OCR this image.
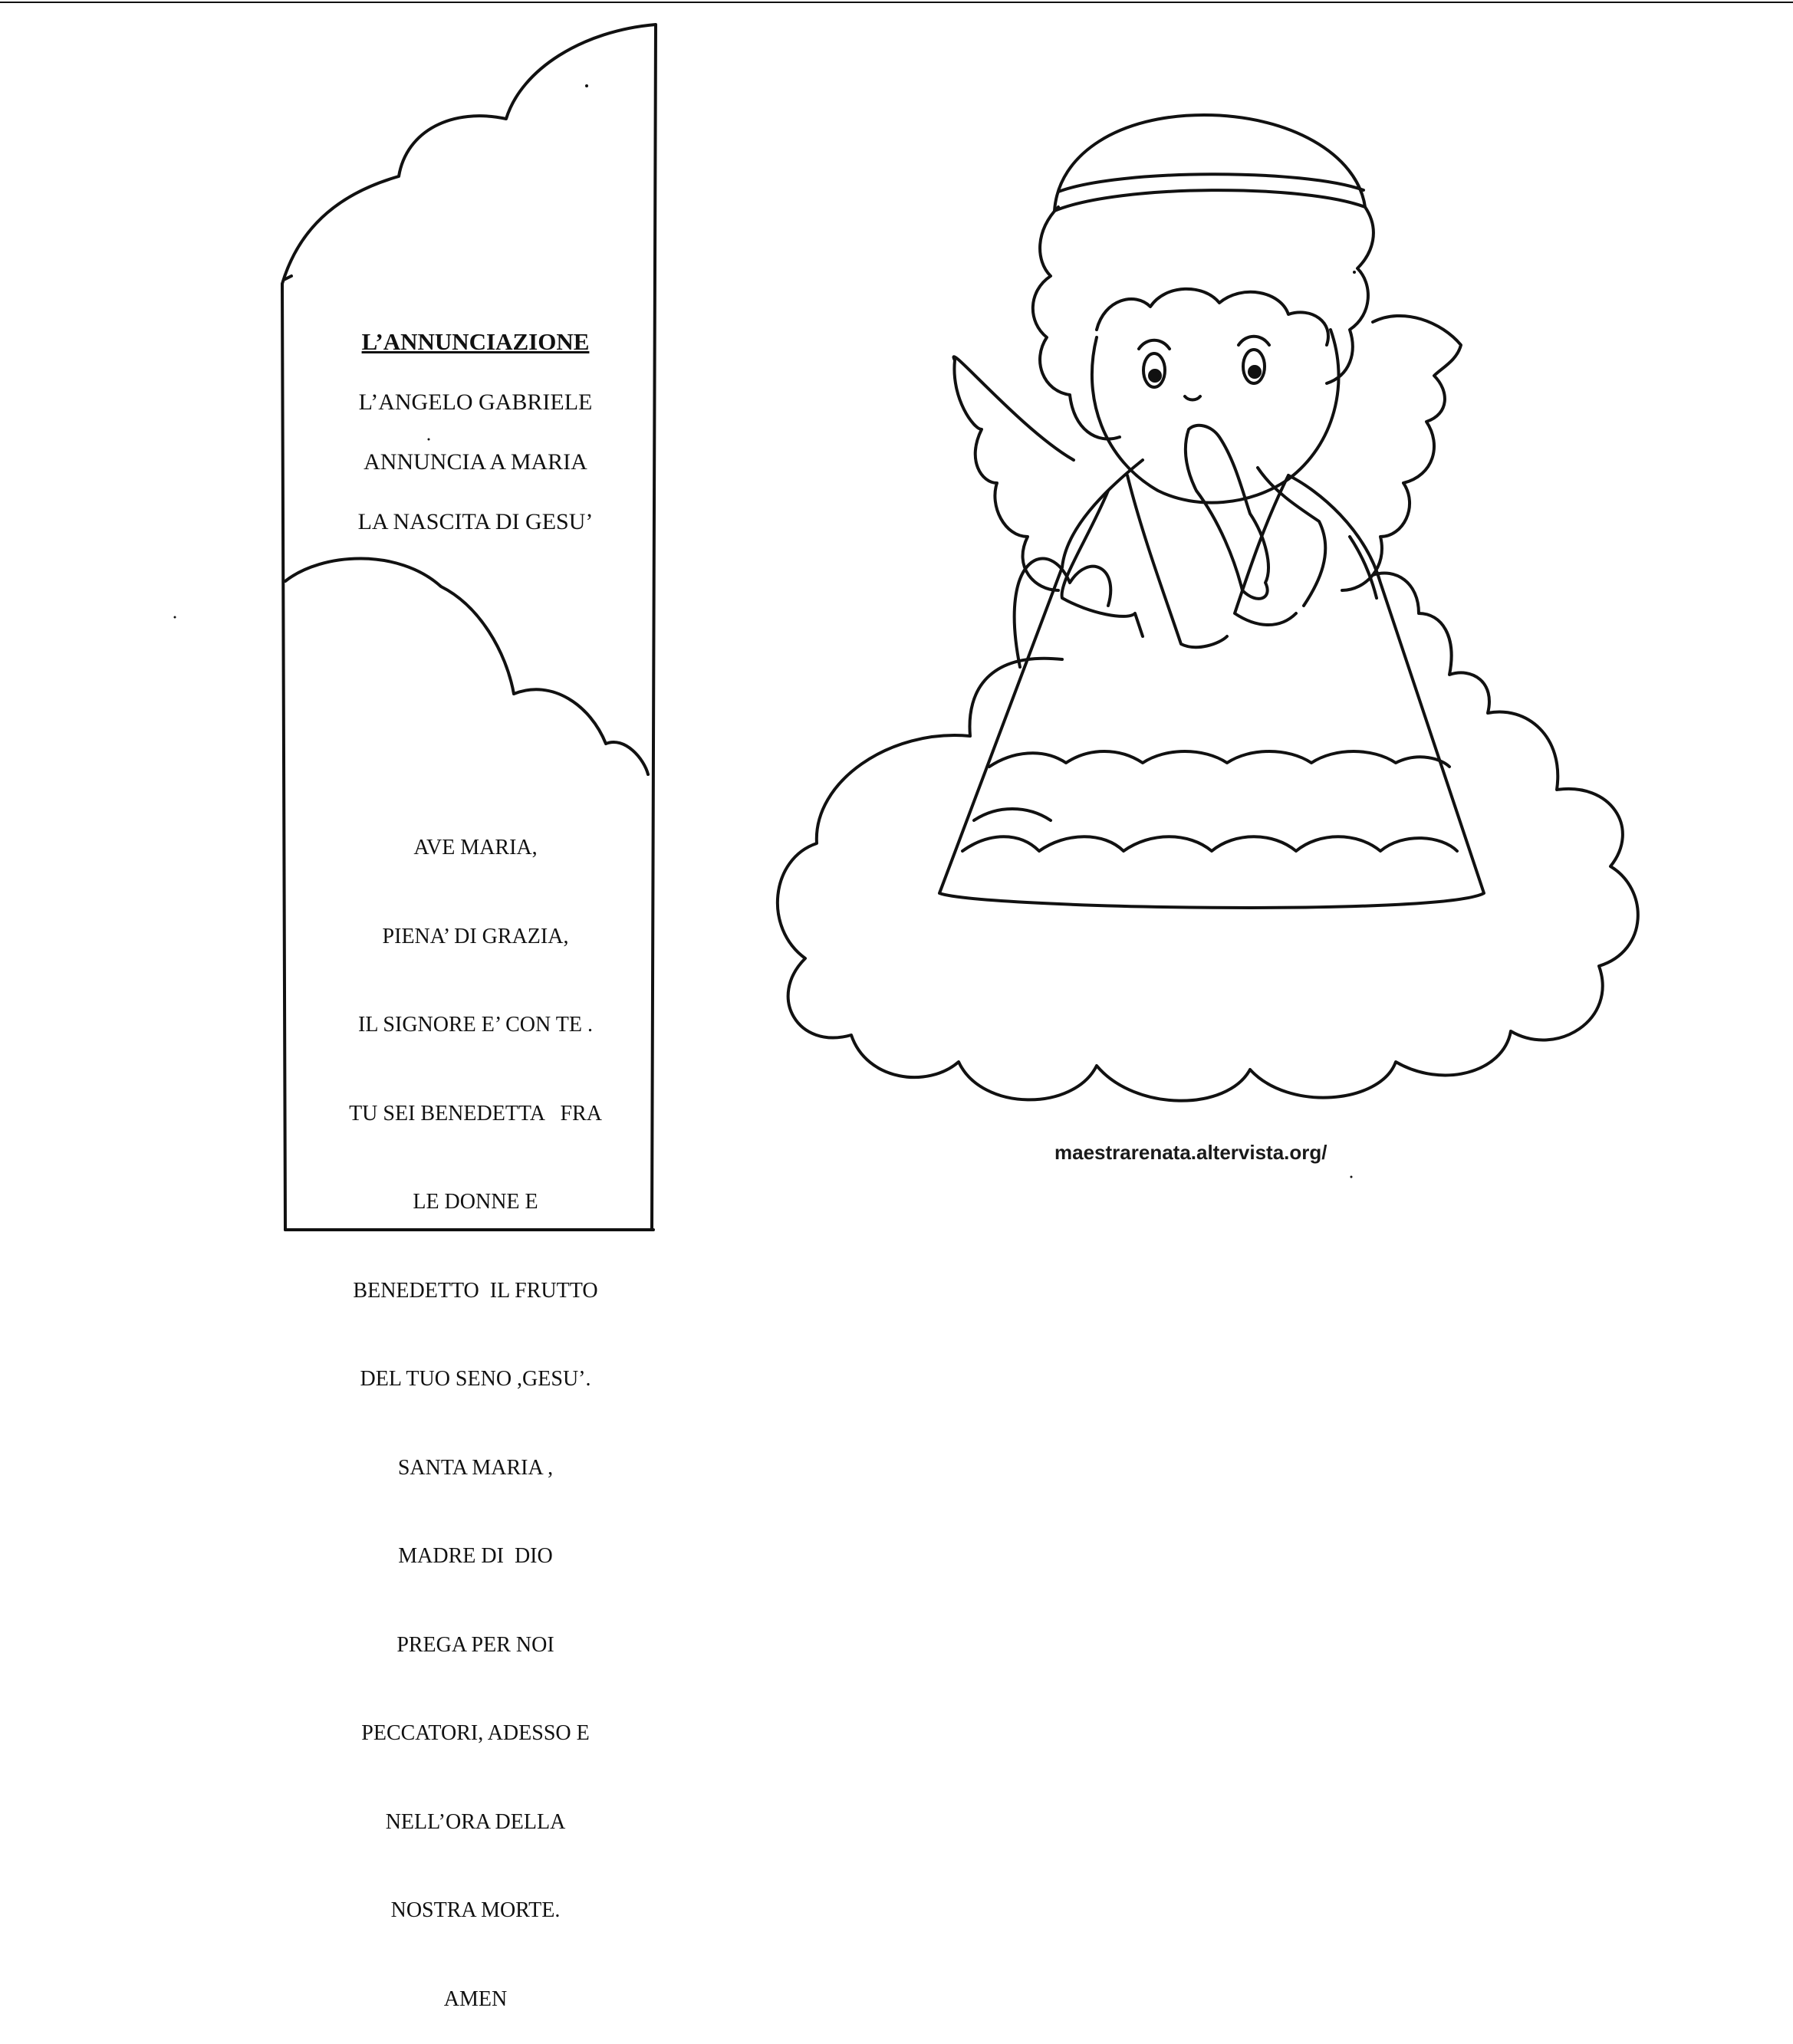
L’ANNUNCIAZIONE
L’ANGELO GABRIELE
ANNUNCIA A MARIA
LA NASCITA DI GESU’

AVE MARIA,

PIENA’ DI GRAZIA,

IL SIGNORE E’ CON TE .

TU SEI BENEDETTA   FRA

LE DONNE E

BENEDETTO  IL FRUTTO

DEL TUO SENO ,GESU’.

SANTA MARIA ,

MADRE DI  DIO

PREGA PER NOI

PECCATORI, ADESSO E

NELL’ORA DELLA

NOSTRA MORTE.

AMEN

maestrarenata.altervista.org/
